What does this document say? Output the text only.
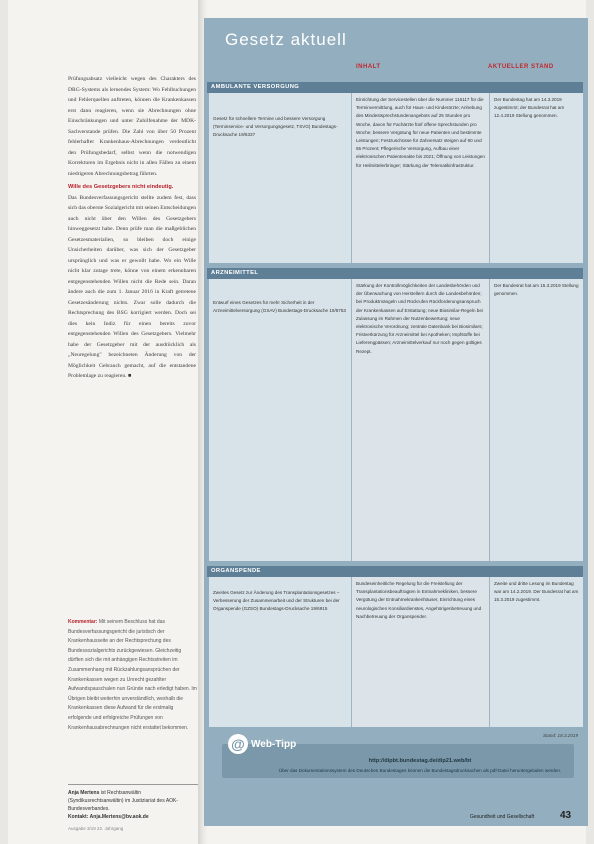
Prüfungsabsatz vielleicht wegen des Charakters des DRG-Systems als lernendes System: Wo Fehlbuchungen und Fehlerquellen auftreten, können die Krankenkassen erst dann reagieren, wenn sie Abrechnungen ohne Einschränkungen und unter Zuhilfenahme der MDK-Sachverstande prüfen. Die Zahl von über 50 Prozent fehlerhafter Krankenhaus-Abrechnungen verdeutlicht den Prüfungsbedarf, selbst wenn die notwendigen Korrekturen im Ergebnis nicht in allen Fällen zu einem niedrigeren Abrechnungsbetrag führten.

Wille des Gesetzgebers nicht eindeutig.

Das Bundesverfassungsgericht stellte zudem fest, dass sich das oberste Sozialgericht mit seinen Entscheidungen auch nicht über den Willen des Gesetzgebers hinweggesetzt habe. Denn prüfe man die maßgeblichen Gesetzesmaterialien, so bleiben doch einige Unsicherheiten darüber, was sich der Gesetzgeber ursprünglich und was er gewollt habe. Wo ein Wille nicht klar zutage trete, könne von einem erkennbaren entgegenstehenden Willen nicht die Rede sein. Daran ändere auch die zum 1. Januar 2016 in Kraft getretene Gesetzesänderung nichts. Zwar solle dadurch die Rechtsprechung des BSG korrigiert werden. Doch sei dies kein Indiz für einen bereits zuvor entgegenstehenden Willen des Gesetzgebers. Vielmehr habe der Gesetzgeber mit der ausdrücklich als „Neuregelung" bezeichneten Änderung von der Möglichkeit Gebrauch gemacht, auf die entstandene Problemlage zu reagieren. ■

Kommentar: Mit seinem Beschluss hat das Bundesverfassungsgericht die juristisch der Krankenhausseite an der Rechtsprechung des Bundessozialgerichts zurückgewiesen. Gleichzeitig dürften sich die mit anhängigen Rechtsstreiten im Zusammenhang mit Rückzahlungsansprüchen der Krankenkassen wegen zu Unrecht gezahlter Aufwandspauschalen nun Gründe nach erledigt haben. Im Übrigen bleibt weiterhin unverständlich, weshalb die Krankenkassen diese Aufwand für die erstmalig erfolgende und erfolgreiche Prüfungen von Krankenhausabrechnungen nicht erstattet bekommen.
Anja Mertens ist Rechtsanwältin (Syndikusrechtsanwältin) im Justiziariat des AOK-Bundesverbandes.
Kontakt: Anja.Mertens@bv.aok.de
Ausgabe 3/19 22. Jahrgang
Gesetz aktuell
INHALT	AKTUELLER STAND
AMBULANTE VERSORGUNG
Gesetz für schnellere Termine und bessere Versorgung (Terminservice- und Versorgungsgesetz, TSVG) Bundestags-Drucksache 19/6337
Einrichtung der Servicestellen über die Nummer 116117 für die Terminvermittlung, auch für Haus- und Kinderärzte; Anhebung des Mindestsprechstundenangebots auf 25 Stunden pro Woche, davon für Fachärzte fünf offene Sprechstunden pro Woche; bessere Vergütung für neue Patienten und bestimmte Leistungen; Festzuschüsse für Zahnersatz steigen auf 60 und 65 Prozent; Pflegerische Versorgung, Aufbau einer elektronischen Patientenakte bis 2021; Öffnung von Leistungen für Heilmittelerbringer; Stärkung der Telematikinfrastruktur.
Der Bundestag hat am 14.3.2019 zugestimmt; der Bundesrat hat am 12.4.2019 Stellung genommen.
ARZNEIMITTEL
Entwurf eines Gesetzes für mehr Sicherheit in der Arzneimittelversorgung (GSAV) Bundestags-Drucksache 19/8753
Stärkung der Kontrollmöglichkeiten der Landesbehörden und der Überwachung von Herstellern durch die Landesbehörden; bei Produktmängeln und Rückrufen Rückforderungsanspruch der Krankenkassen auf Erstattung; neue Biosimilar-Regeln bei Zulassung im Rahmen der Nutzenbewertung; neue elektronische Verordnung; zentrale Datenbank bei Biosimilars; Fristverkürzung für Arzneimittel bei Apotheken; Impfstoffe bei Lieferengpässen; Arzneimittelverkauf nur noch gegen gültiges Rezept.
Der Bundesrat hat am 15.3.2019 Stellung genommen.
ORGANSPENDE
Zweites Gesetz zur Änderung des Transplantationsgesetzes – Verbesserung der Zusammenarbeit und der Strukturen bei der Organspende (GZSO) Bundestags-Drucksache 19/6915
Bundeseinheitliche Regelung für die Freistellung der Transplantationsbeauftragten in Entnahmekliniken, bessere Vergütung der Entnahmekrankenhäuser, Einrichtung eines neurologischen Konsiliardienstes, Angehörigenbetreuung und Nachbetreuung der Organspender.
Zweite und dritte Lesung im Bundestag war am 14.2.2019. Der Bundesrat hat am 15.3.2019 zugestimmt.
Stand: 18.3.2019
@ Web-Tipp
http://dipbt.bundestag.de/dip21.web/bt
Über das Dokumentationssystem des Deutschen Bundestages können die Bundestagsdrucksachen als pdf-Datei heruntergeladen werden.
Gesundheit und Gesellschaft	43
